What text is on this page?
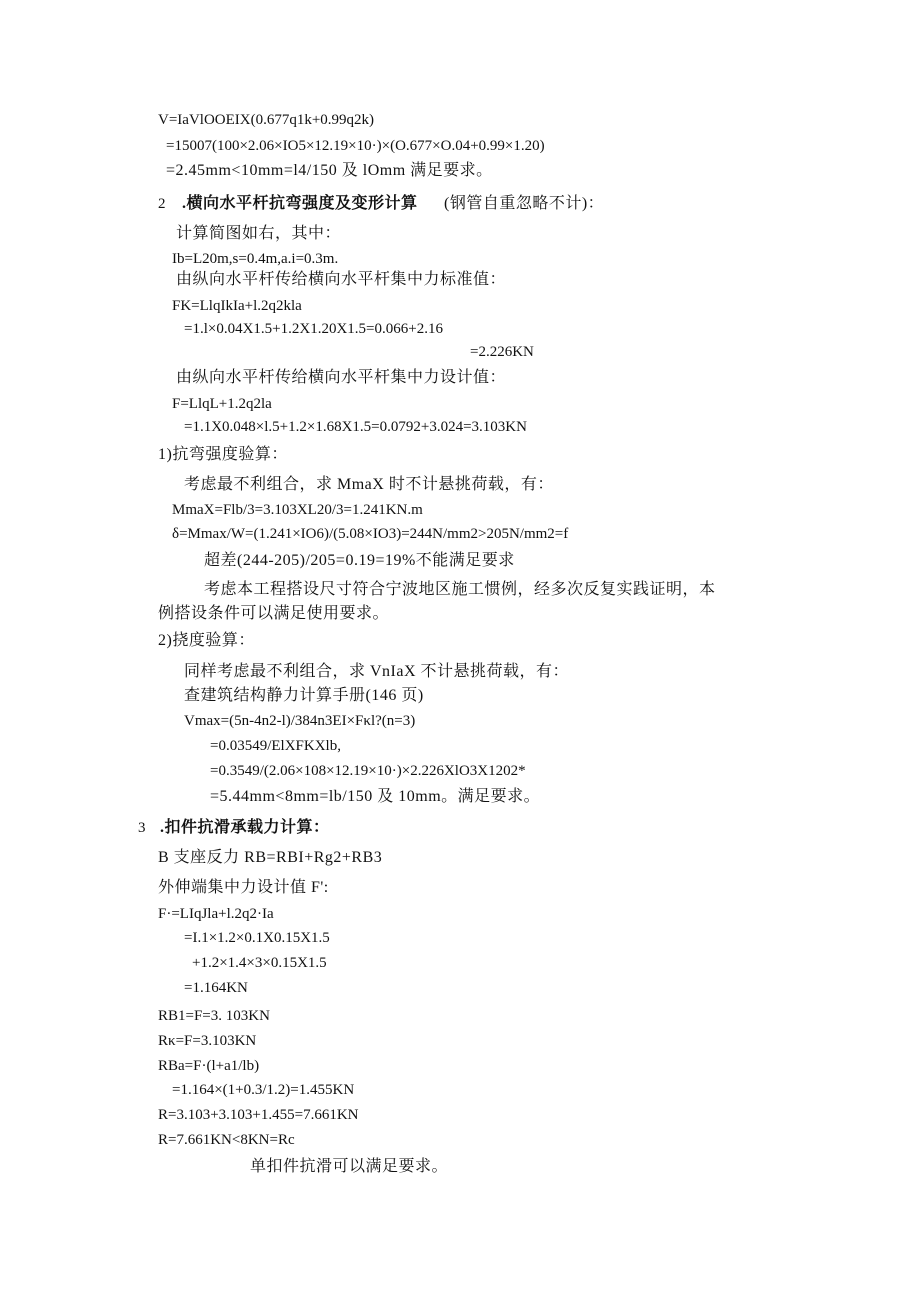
V=IaVlOOEIX(0.677q1k+0.99q2k)
=15007(100×2.06×IO5×12.19×10·)×(O.677×O.04+0.99×1.20)
=2.45mm<10mm=l4/150 及 lOmm 满足要求。
2 .横向水平杆抗弯强度及变形计算 (钢管自重忽略不计)：
计算简图如右，其中：
Ib=L20m,s=0.4m,a.i=0.3m.
由纵向水平杆传给横向水平杆集中力标准值：
FK=LlqIkIa+l.2q2kla
=1.l×0.04X1.5+1.2X1.20X1.5=0.066+2.16
=2.226KN
由纵向水平杆传给横向水平杆集中力设计值：
F=LlqL+1.2q2la
=1.1X0.048×l.5+1.2×1.68X1.5=0.0792+3.024=3.103KN
1)抗弯强度验算：
考虑最不利组合，求 MmaX 时不计悬挑荷载，有：
MmaX=Flb/3=3.103XL20/3=1.241KN.m
δ=Mmax/W=(1.241×IO6)/(5.08×IO3)=244N/mm2>205N/mm2=f
超差(244-205)/205=0.19=19%不能满足要求
考虑本工程搭设尺寸符合宁波地区施工惯例，经多次反复实践证明，本
例搭设条件可以满足使用要求。
2)挠度验算：
同样考虑最不利组合，求 VnIaX 不计悬挑荷载，有：
查建筑结构静力计算手册(146 页)
Vmax=(5n-4n2-l)/384n3EI×Fκl?(n=3)
=0.03549/ElXFKXlb,
=0.3549/(2.06×108×12.19×10·)×2.226XlO3X1202*
=5.44mm<8mm=lb/150 及 10mm。满足要求。
3 .扣件抗滑承载力计算：
B 支座反力 RB=RBI+Rg2+RB3
外伸端集中力设计值 F':
F·=LIqJla+l.2q2·Ia
=I.1×1.2×0.1X0.15X1.5
+1.2×1.4×3×0.15X1.5
=1.164KN
RB1=F=3. 103KN
Rκ=F=3.103KN
RBa=F·(l+a1/lb)
=1.164×(1+0.3/1.2)=1.455KN
R=3.103+3.103+1.455=7.661KN
R=7.661KN<8KN=Rc
单扣件抗滑可以满足要求。
